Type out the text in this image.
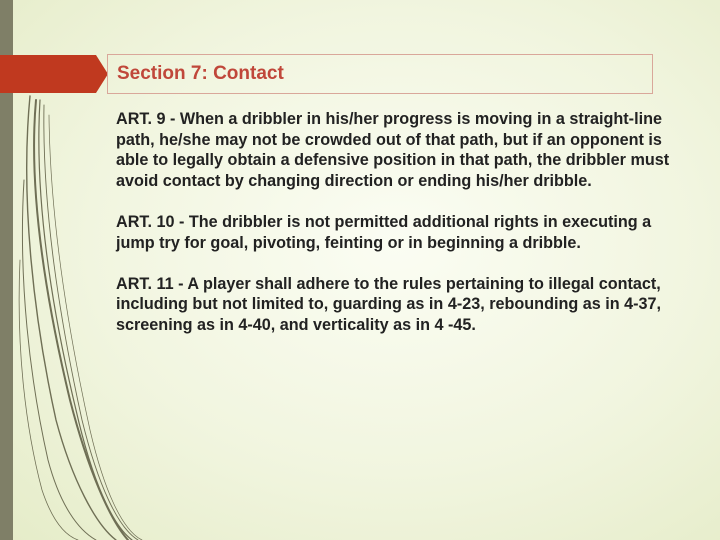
Section 7: Contact

ART. 9 - When a dribbler in his/her progress is moving in a straight-line path, he/she may not be crowded out of that path, but if an opponent is able to legally obtain a defensive position in that path, the dribbler must avoid contact by changing direction or ending his/her dribble.

ART. 10 - The dribbler is not permitted additional rights in executing a jump try for goal, pivoting, feinting or in beginning a dribble.

ART. 11 - A player shall adhere to the rules pertaining to illegal contact, including but not limited to, guarding as in 4-23, rebounding as in 4-37, screening as in 4-40, and verticality as in 4 -45.
